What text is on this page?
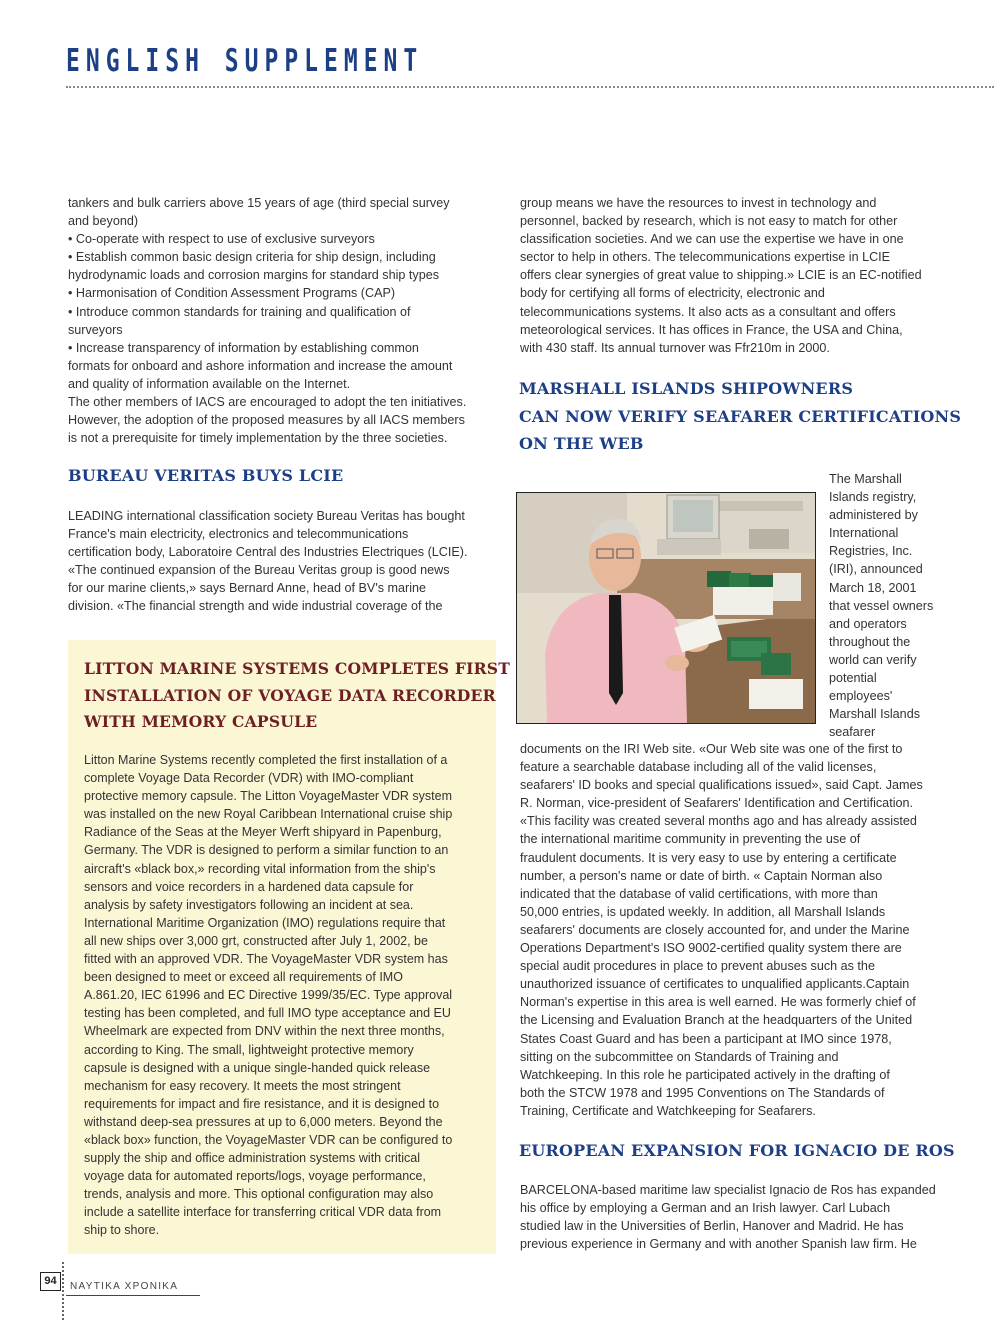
ENGLISH SUPPLEMENT
tankers and bulk carriers above 15 years of age (third special survey
and beyond)
• Co-operate with respect to use of exclusive surveyors
• Establish common basic design criteria for ship design, including
hydrodynamic loads and corrosion margins for standard ship types
• Harmonisation of Condition Assessment Programs (CAP)
• Introduce common standards for training and qualification of
surveyors
• Increase transparency of information by establishing common
formats for onboard and ashore information and increase the amount
and quality of information available on the Internet.
The other members of IACS are encouraged to adopt the ten initiatives.
However, the adoption of the proposed measures by all IACS members
is not a prerequisite for timely implementation by the three societies.
BUREAU VERITAS BUYS LCIE
LEADING international classification society Bureau Veritas has bought
France's main electricity, electronics and telecommunications
certification body, Laboratoire Central des Industries Electriques (LCIE).
«The continued expansion of the Bureau Veritas group is good news
for our marine clients,» says Bernard Anne, head of BV's marine
division. «The financial strength and wide industrial coverage of the
LITTON MARINE SYSTEMS COMPLETES FIRST
INSTALLATION OF VOYAGE DATA RECORDER
WITH MEMORY CAPSULE
Litton Marine Systems recently completed the first installation of a
complete Voyage Data Recorder (VDR) with IMO-compliant
protective memory capsule. The Litton VoyageMaster VDR system
was installed on the new Royal Caribbean International cruise ship
Radiance of the Seas at the Meyer Werft shipyard in Papenburg,
Germany. The VDR is designed to perform a similar function to an
aircraft's «black box,» recording vital information from the ship's
sensors and voice recorders in a hardened data capsule for
analysis by safety investigators following an incident at sea.
International Maritime Organization (IMO) regulations require that
all new ships over 3,000 grt, constructed after July 1, 2002, be
fitted with an approved VDR. The VoyageMaster VDR system has
been designed to meet or exceed all requirements of IMO
A.861.20, IEC 61996 and EC Directive 1999/35/EC. Type approval
testing has been completed, and full IMO type acceptance and EU
Wheelmark are expected from DNV within the next three months,
according to King. The small, lightweight protective memory
capsule is designed with a unique single-handed quick release
mechanism for easy recovery. It meets the most stringent
requirements for impact and fire resistance, and it is designed to
withstand deep-sea pressures at up to 6,000 meters. Beyond the
«black box» function, the VoyageMaster VDR can be configured to
supply the ship and office administration systems with critical
voyage data for automated reports/logs, voyage performance,
trends, analysis and more. This optional configuration may also
include a satellite interface for transferring critical VDR data from
ship to shore.
group means we have the resources to invest in technology and
personnel, backed by research, which is not easy to match for other
classification societies. And we can use the expertise we have in one
sector to help in others. The telecommunications expertise in LCIE
offers clear synergies of great value to shipping.» LCIE is an EC-notified
body for certifying all forms of electricity, electronic and
telecommunications systems. It also acts as a consultant and offers
meteorological services. It has offices in France, the USA and China,
with 430 staff. Its annual turnover was Ffr210m in 2000.
MARSHALL ISLANDS SHIPOWNERS
CAN NOW VERIFY SEAFARER CERTIFICATIONS
ON THE WEB
The Marshall
Islands registry,
administered by
International
Registries, Inc.
(IRI), announced
March 18, 2001
that vessel owners
and operators
throughout the
world can verify
potential
employees'
Marshall Islands
seafarer
documents on the IRI Web site. «Our Web site was one of the first to
feature a searchable database including all of the valid licenses,
seafarers' ID books and special qualifications issued», said Capt. James
R. Norman, vice-president of Seafarers' Identification and Certification.
«This facility was created several months ago and has already assisted
the international maritime community in preventing the use of
fraudulent documents. It is very easy to use by entering a certificate
number, a person's name or date of birth. « Captain Norman also
indicated that the database of valid certifications, with more than
50,000 entries, is updated weekly. In addition, all Marshall Islands
seafarers' documents are closely accounted for, and under the Marine
Operations Department's ISO 9002-certified quality system there are
special audit procedures in place to prevent abuses such as the
unauthorized issuance of certificates to unqualified applicants.Captain
Norman's expertise in this area is well earned. He was formerly chief of
the Licensing and Evaluation Branch at the headquarters of the United
States Coast Guard and has been a participant at IMO since 1978,
sitting on the subcommittee on Standards of Training and
Watchkeeping. In this role he participated actively in the drafting of
both the STCW 1978 and 1995 Conventions on The Standards of
Training, Certificate and Watchkeeping for Seafarers.
EUROPEAN EXPANSION FOR IGNACIO DE ROS
BARCELONA-based maritime law specialist Ignacio de Ros has expanded
his office by employing a German and an Irish lawyer. Carl Lubach
studied law in the Universities of Berlin, Hanover and Madrid. He has
previous experience in Germany and with another Spanish law firm. He
94	ΝΑΥΤΙΚΑ ΧΡΟΝΙΚΑ
